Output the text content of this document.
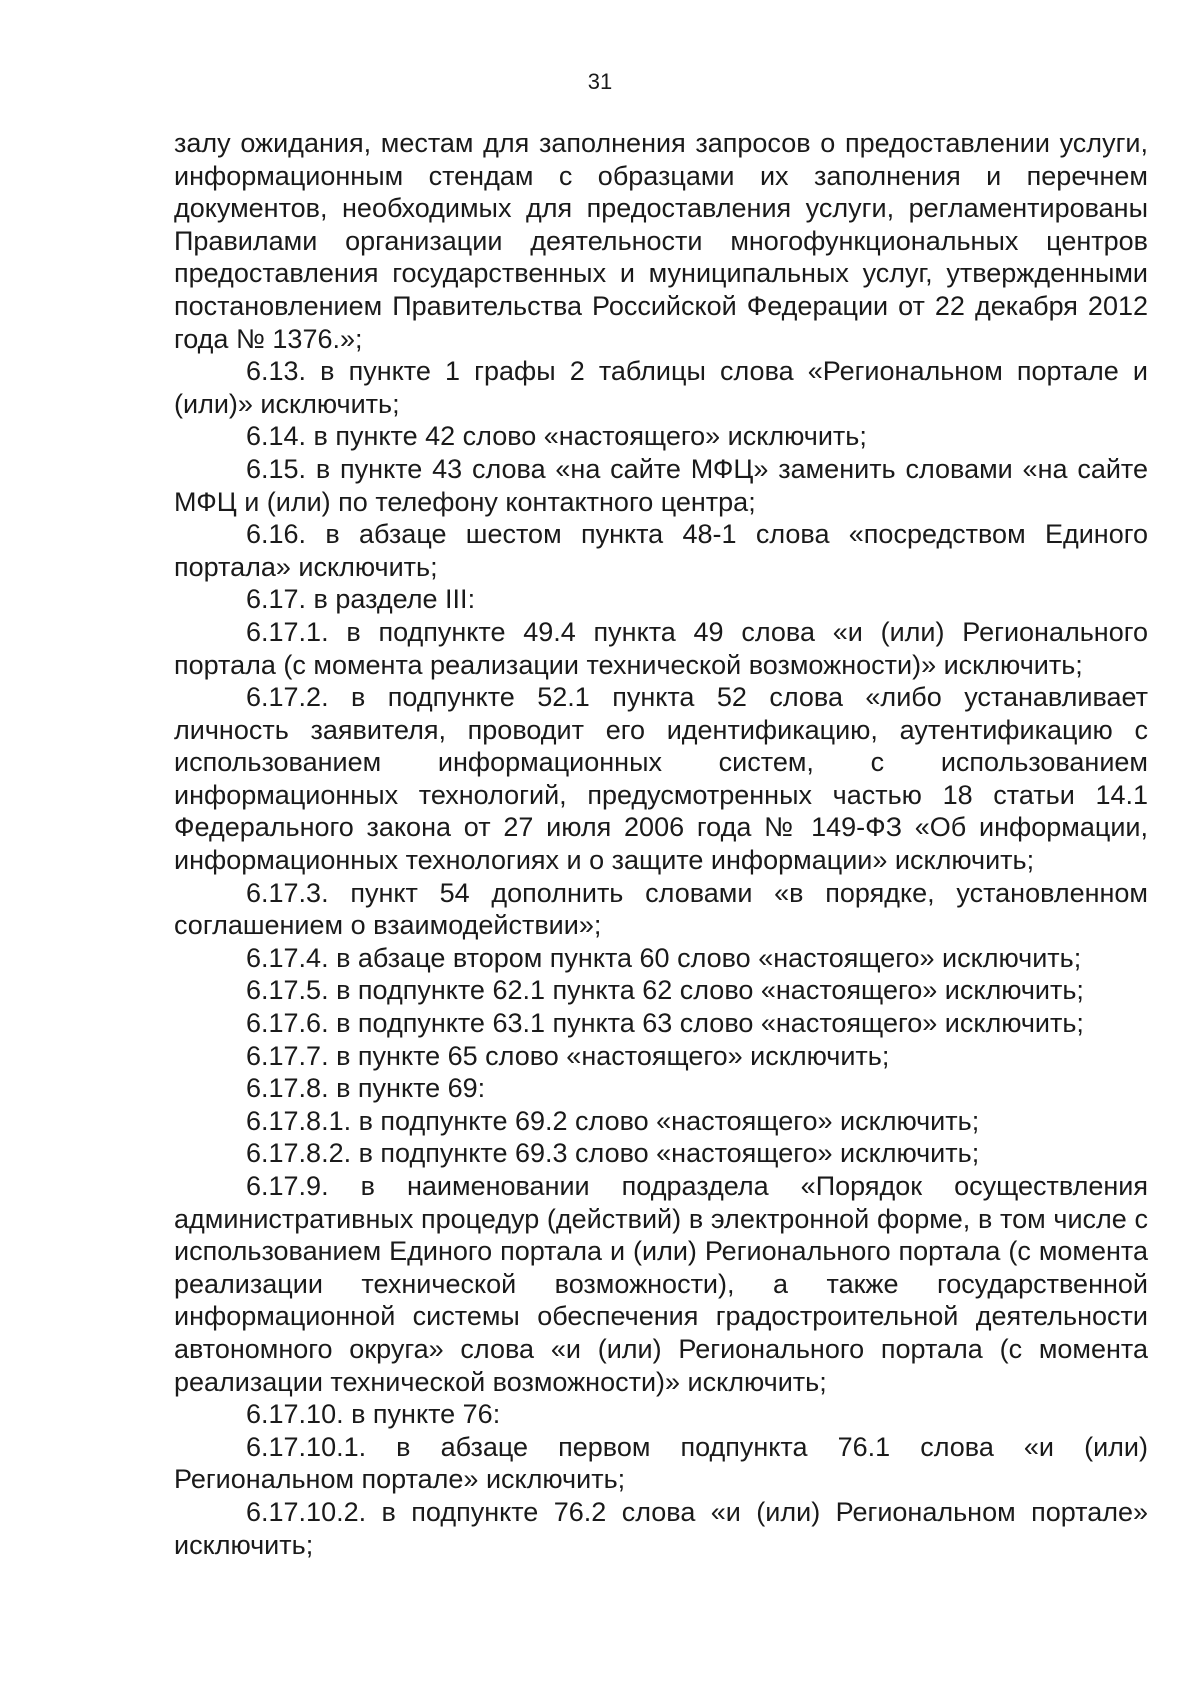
31

залу ожидания, местам для заполнения запросов о предоставлении услуги, информационным стендам с образцами их заполнения и перечнем документов, необходимых для предоставления услуги, регламентированы Правилами организации деятельности многофункциональных центров предоставления государственных и муниципальных услуг, утвержденными постановлением Правительства Российской Федерации от 22 декабря 2012 года № 1376.»;

6.13. в пункте 1 графы 2 таблицы слова «Региональном портале и (или)» исключить;

6.14. в пункте 42 слово «настоящего» исключить;

6.15. в пункте 43 слова «на сайте МФЦ» заменить словами «на сайте МФЦ и (или) по телефону контактного центра;

6.16. в абзаце шестом пункта 48-1 слова «посредством Единого портала» исключить;

6.17. в разделе III:

6.17.1. в подпункте 49.4 пункта 49 слова «и (или) Регионального портала (с момента реализации технической возможности)» исключить;

6.17.2. в подпункте 52.1 пункта 52 слова «либо устанавливает личность заявителя, проводит его идентификацию, аутентификацию с использованием информационных систем, с использованием информационных технологий, предусмотренных частью 18 статьи 14.1 Федерального закона от 27 июля 2006 года № 149-ФЗ «Об информации, информационных технологиях и о защите информации» исключить;

6.17.3. пункт 54 дополнить словами «в порядке, установленном соглашением о взаимодействии»;

6.17.4. в абзаце втором пункта 60 слово «настоящего» исключить;

6.17.5. в подпункте 62.1 пункта 62 слово «настоящего» исключить;

6.17.6. в подпункте 63.1 пункта 63 слово «настоящего» исключить;

6.17.7. в пункте 65 слово «настоящего» исключить;

6.17.8. в пункте 69:

6.17.8.1. в подпункте 69.2 слово «настоящего» исключить;

6.17.8.2. в подпункте 69.3 слово «настоящего» исключить;

6.17.9. в наименовании подраздела «Порядок осуществления административных процедур (действий) в электронной форме, в том числе с использованием Единого портала и (или) Регионального портала (с момента реализации технической возможности), а также государственной информационной системы обеспечения градостроительной деятельности автономного округа» слова «и (или) Регионального портала (с момента реализации технической возможности)» исключить;

6.17.10. в пункте 76:

6.17.10.1. в абзаце первом подпункта 76.1 слова «и (или) Региональном портале» исключить;

6.17.10.2. в подпункте 76.2 слова «и (или) Региональном портале» исключить;
